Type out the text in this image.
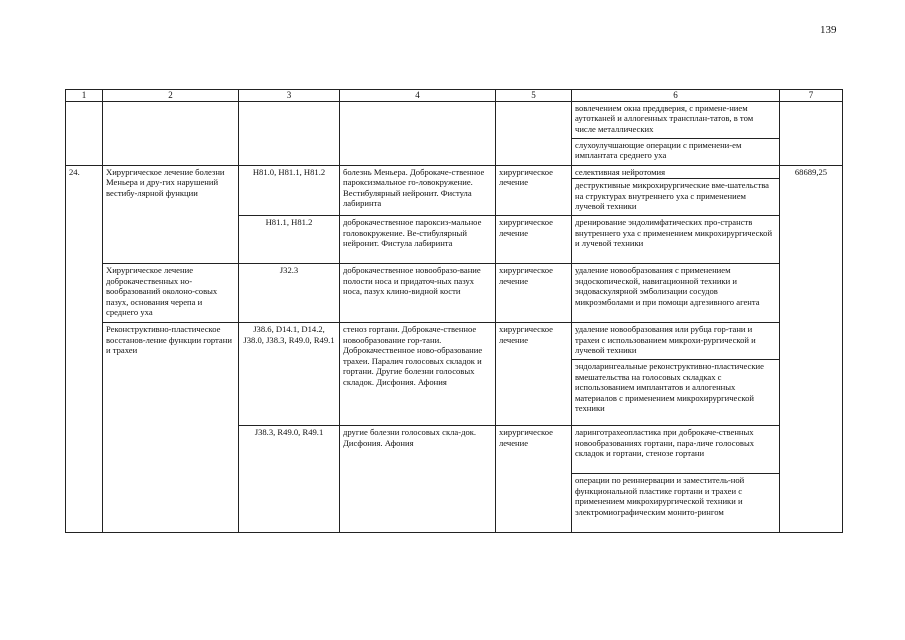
139
1	2	3	4	5	6	7
					вовлечением окна преддверия, с примене-нием аутотканей и аллогенных трансплан-татов, в том числе металлических	
					слухоулучшающие операции с применени-ем имплантата среднего уха	
24.	Хирургическое лечение болезни Меньера и дру-гих нарушений вестибу-лярной функции	H81.0, H81.1, H81.2	болезнь Меньера. Доброкаче-ственное пароксизмальное го-ловокружение. Вестибулярный нейронит. Фистула лабиринта	хирургическое лечение	селективная нейротомия	68689,25
					деструктивные микрохирургические вме-шательства на структурах внутреннего уха с применением лучевой техники	
		H81.1, H81.2	доброкачественное пароксиз-мальное головокружение. Ве-стибулярный нейронит. Фистула лабиринта	хирургическое лечение	дренирование эндолимфатических про-странств внутреннего уха с применением микрохирургической и лучевой техники	
	Хирургическое лечение доброкачественных но-вообразований околоно-совых пазух, основания черепа и среднего уха	J32.3	доброкачественное новообразо-вание полости носа и придаточ-ных пазух носа, пазух клино-видной кости	хирургическое лечение	удаление новообразования с применением эндоскопической, навигационной техники и эндоваскулярной эмболизации сосудов микроэмболами и при помощи адгезивного агента	
	Реконструктивно-пластическое восстанов-ление функции гортани и трахеи	J38.6, D14.1, D14.2, J38.0, J38.3, R49.0, R49.1	стеноз гортани. Доброкаче-ственное новообразование гор-тани. Доброкачественное ново-образование трахеи. Паралич голосовых складок и гортани. Другие болезни голосовых складок. Дисфония. Афония	хирургическое лечение	удаление новообразования или рубца гор-тани и трахеи с использованием микрохи-рургической и лучевой техники	
					эндоларингеальные реконструктивно-пластические вмешательства на голосовых складках с использованием имплантатов и аллогенных материалов с применением микрохирургической техники	

		J38.3, R49.0, R49.1	другие болезни голосовых скла-док. Дисфония. Афония	хирургическое лечение	ларинготрахеопластика при доброкаче-ственных новообразованиях гортани, пара-личе голосовых складок и гортани, стенозе гортани	
					операции по реиннервации и заместитель-ной функциональной пластике гортани и трахеи с применением микрохирургической техники и электромиографическим монито-рингом	
